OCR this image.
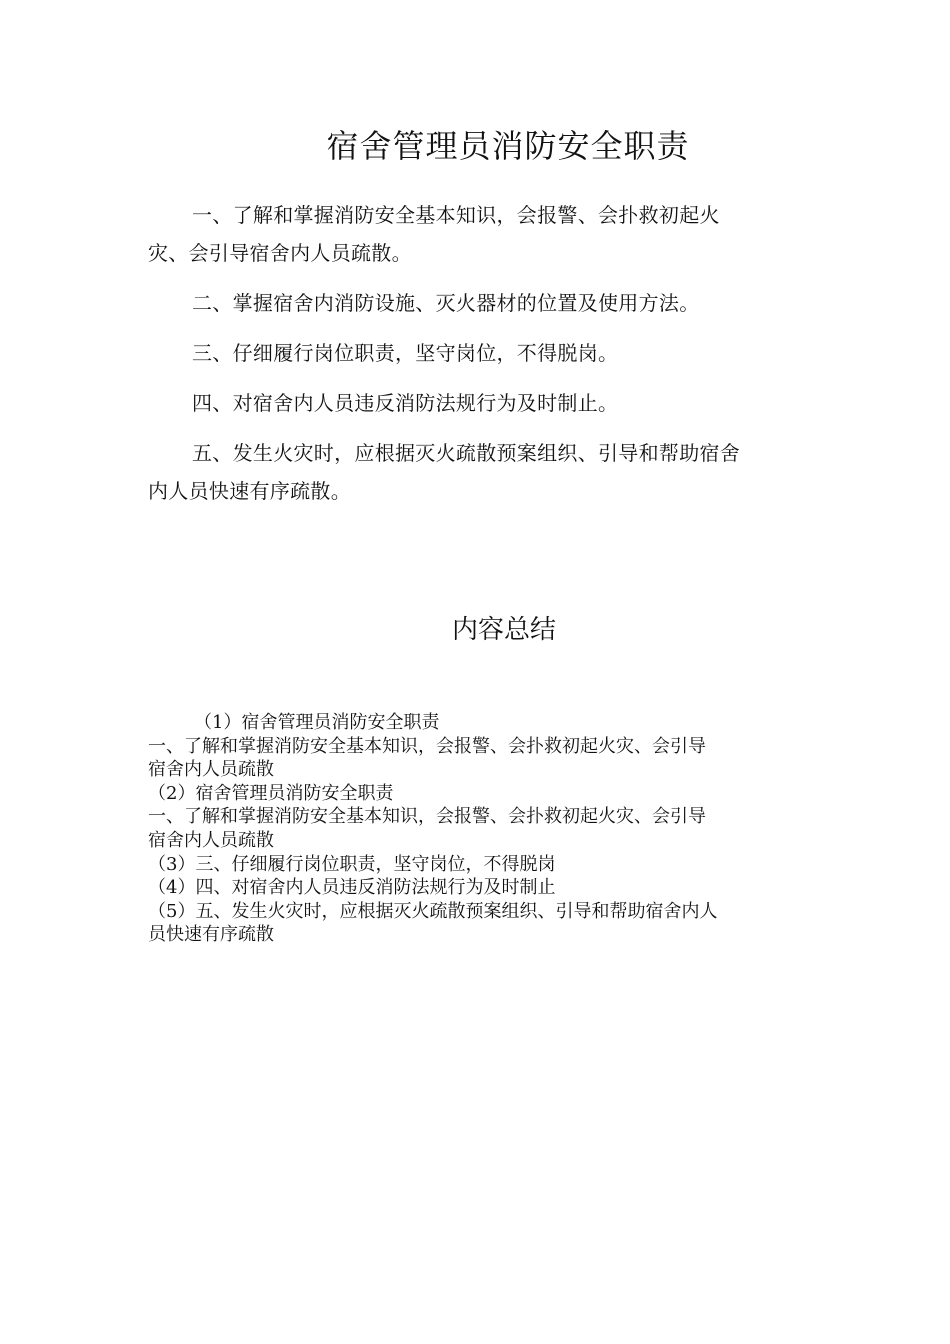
宿舍管理员消防安全职责

一、了解和掌握消防安全基本知识，会报警、会扑救初起火
灾、会引导宿舍内人员疏散。

二、掌握宿舍内消防设施、灭火器材的位置及使用方法。

三、仔细履行岗位职责，坚守岗位，不得脱岗。

四、对宿舍内人员违反消防法规行为及时制止。

五、发生火灾时，应根据灭火疏散预案组织、引导和帮助宿舍
内人员快速有序疏散。

内容总结
（1）宿舍管理员消防安全职责
一、了解和掌握消防安全基本知识，会报警、会扑救初起火灾、会引导
宿舍内人员疏散
（2）宿舍管理员消防安全职责
一、了解和掌握消防安全基本知识，会报警、会扑救初起火灾、会引导
宿舍内人员疏散
（3）三、仔细履行岗位职责，坚守岗位，不得脱岗
（4）四、对宿舍内人员违反消防法规行为及时制止
（5）五、发生火灾时，应根据灭火疏散预案组织、引导和帮助宿舍内人
员快速有序疏散
